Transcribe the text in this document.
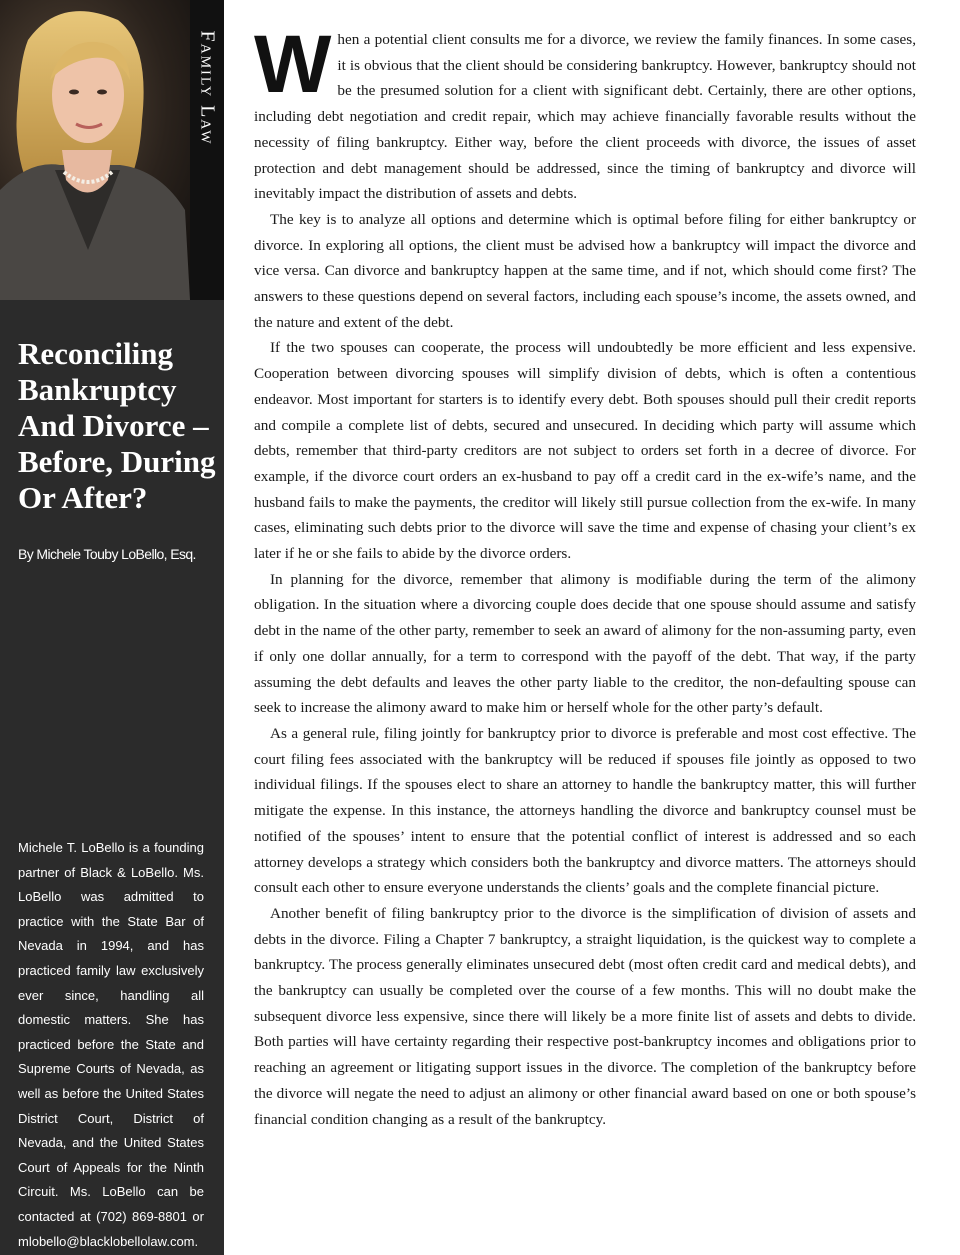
Family Law
Reconciling Bankruptcy And Divorce – Before, During Or After?
By Michele Touby LoBello, Esq.

Michele T. LoBello is a founding partner of Black & LoBello. Ms. LoBello was admitted to practice with the State Bar of Nevada in 1994, and has practiced family law exclusively ever since, handling all domestic matters. She has practiced before the State and Supreme Courts of Nevada, as well as before the United States District Court, District of Nevada, and the United States Court of Appeals for the Ninth Circuit. Ms. LoBello can be contacted at (702) 869-8801 or mlobello@blacklobellolaw.com.

When a potential client consults me for a divorce, we review the family finances. In some cases, it is obvious that the client should be considering bankruptcy. However, bankruptcy should not be the presumed solution for a client with significant debt. Certainly, there are other options, including debt negotiation and credit repair, which may achieve financially favorable results without the necessity of filing bankruptcy. Either way, before the client proceeds with divorce, the issues of asset protection and debt management should be addressed, since the timing of bankruptcy and divorce will inevitably impact the distribution of assets and debts.

The key is to analyze all options and determine which is optimal before filing for either bankruptcy or divorce. In exploring all options, the client must be advised how a bankruptcy will impact the divorce and vice versa. Can divorce and bankruptcy happen at the same time, and if not, which should come first? The answers to these questions depend on several factors, including each spouse’s income, the assets owned, and the nature and extent of the debt.

If the two spouses can cooperate, the process will undoubtedly be more efficient and less expensive. Cooperation between divorcing spouses will simplify division of debts, which is often a contentious endeavor. Most important for starters is to identify every debt. Both spouses should pull their credit reports and compile a complete list of debts, secured and unsecured. In deciding which party will assume which debts, remember that third-party creditors are not subject to orders set forth in a decree of divorce. For example, if the divorce court orders an ex-husband to pay off a credit card in the ex-wife’s name, and the husband fails to make the payments, the creditor will likely still pursue collection from the ex-wife. In many cases, eliminating such debts prior to the divorce will save the time and expense of chasing your client’s ex later if he or she fails to abide by the divorce orders.

In planning for the divorce, remember that alimony is modifiable during the term of the alimony obligation. In the situation where a divorcing couple does decide that one spouse should assume and satisfy debt in the name of the other party, remember to seek an award of alimony for the non-assuming party, even if only one dollar annually, for a term to correspond with the payoff of the debt. That way, if the party assuming the debt defaults and leaves the other party liable to the creditor, the non-defaulting spouse can seek to increase the alimony award to make him or herself whole for the other party’s default.

As a general rule, filing jointly for bankruptcy prior to divorce is preferable and most cost effective. The court filing fees associated with the bankruptcy will be reduced if spouses file jointly as opposed to two individual filings. If the spouses elect to share an attorney to handle the bankruptcy matter, this will further mitigate the expense. In this instance, the attorneys handling the divorce and bankruptcy counsel must be notified of the spouses’ intent to ensure that the potential conflict of interest is addressed and so each attorney develops a strategy which considers both the bankruptcy and divorce matters. The attorneys should consult each other to ensure everyone understands the clients’ goals and the complete financial picture.

Another benefit of filing bankruptcy prior to the divorce is the simplification of division of assets and debts in the divorce. Filing a Chapter 7 bankruptcy, a straight liquidation, is the quickest way to complete a bankruptcy. The process generally eliminates unsecured debt (most often credit card and medical debts), and the bankruptcy can usually be completed over the course of a few months. This will no doubt make the subsequent divorce less expensive, since there will likely be a more finite list of assets and debts to divide. Both parties will have certainty regarding their respective post-bankruptcy incomes and obligations prior to reaching an agreement or litigating support issues in the divorce. The completion of the bankruptcy before the divorce will negate the need to adjust an alimony or other financial award based on one or both spouse’s financial condition changing as a result of the bankruptcy.
